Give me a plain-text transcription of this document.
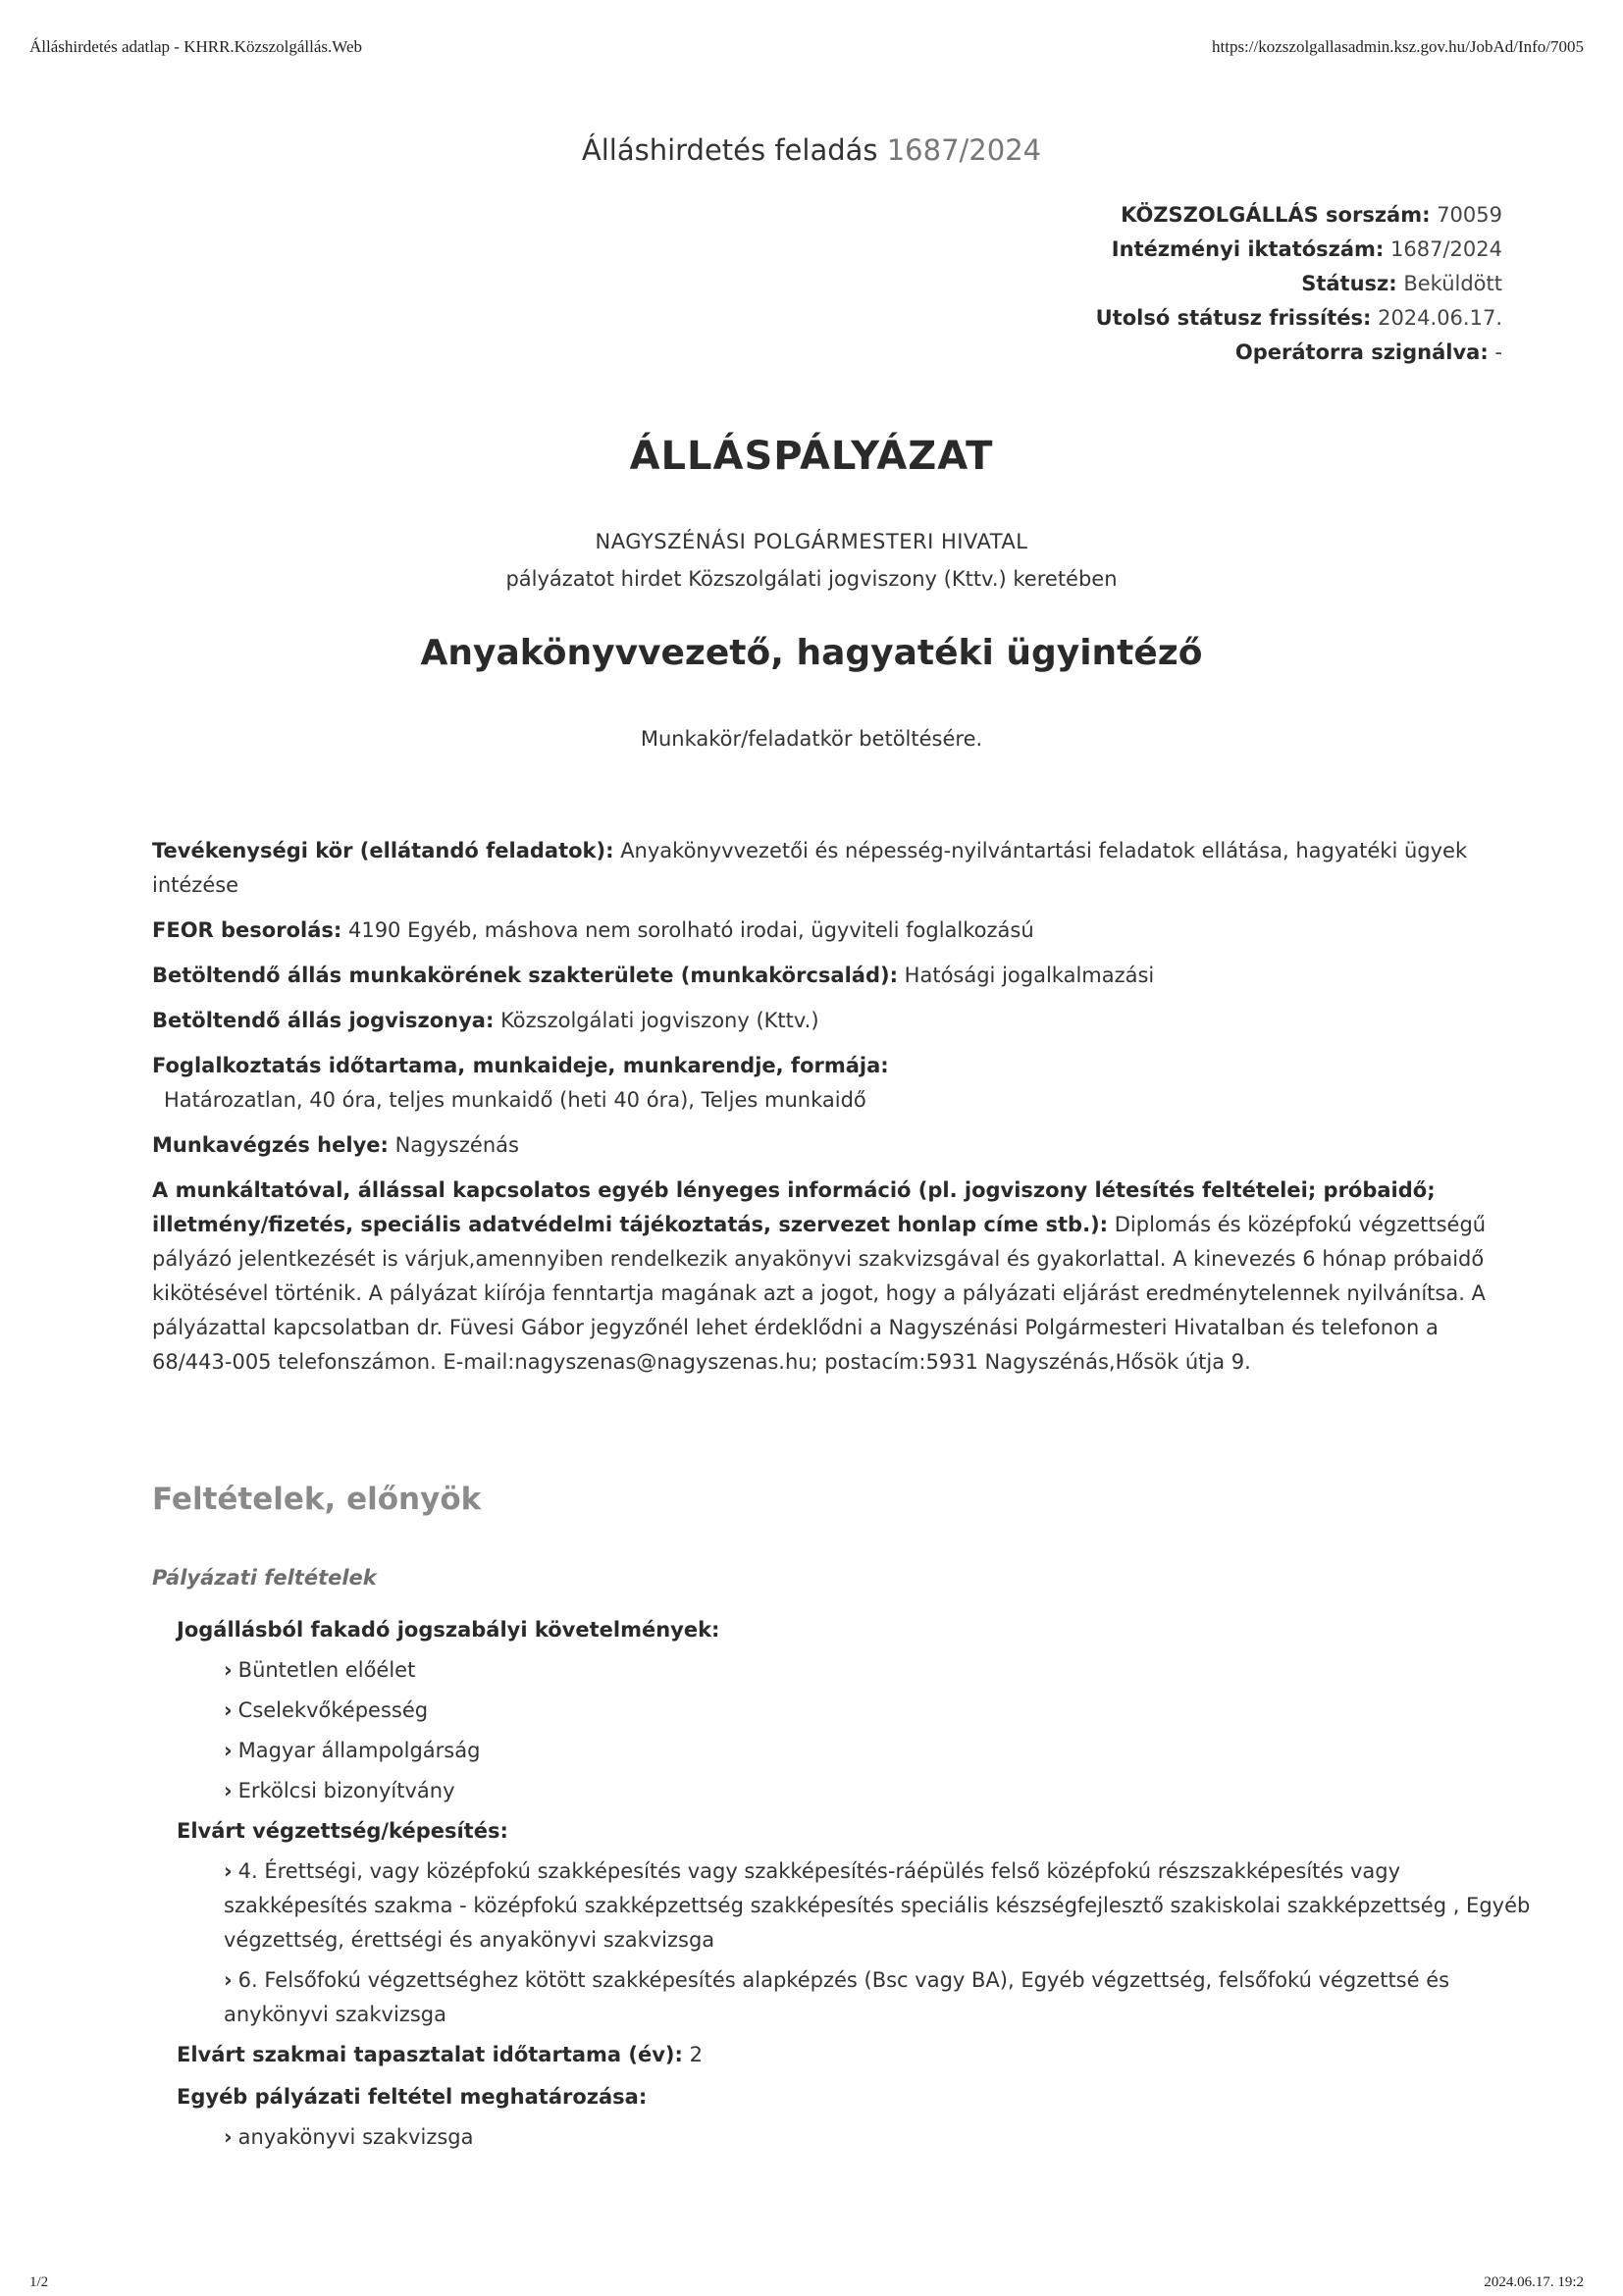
Álláshirdetés adatlap - KHRR.Közszolgállás.Web	https://kozszolgallasadmin.ksz.gov.hu/JobAd/Info/7005
Álláshirdetés feladás 1687/2024
KÖZSZOLGÁLLÁS sorszám: 70059
Intézményi iktatószám: 1687/2024
Státusz: Beküldött
Utolsó státusz frissítés: 2024.06.17.
Operátorra szignálva: -
ÁLLÁSPÁLYÁZAT
NAGYSZÉNÁSI POLGÁRMESTERI HIVATAL
pályázatot hirdet Közszolgálati jogviszony (Kttv.) keretében
Anyakönyvvezető, hagyatéki ügyintéző
Munkakör/feladatkör betöltésére.

Tevékenységi kör (ellátandó feladatok): Anyakönyvvezetői és népesség-nyilvántartási feladatok ellátása, hagyatéki ügyek intézése

FEOR besorolás: 4190 Egyéb, máshova nem sorolható irodai, ügyviteli foglalkozású

Betöltendő állás munkakörének szakterülete (munkakörcsalád): Hatósági jogalkalmazási

Betöltendő állás jogviszonya: Közszolgálati jogviszony (Kttv.)

Foglalkoztatás időtartama, munkaideje, munkarendje, formája:
Határozatlan, 40 óra, teljes munkaidő (heti 40 óra), Teljes munkaidő

Munkavégzés helye: Nagyszénás

A munkáltatóval, állással kapcsolatos egyéb lényeges információ (pl. jogviszony létesítés feltételei; próbaidő; illetmény/fizetés, speciális adatvédelmi tájékoztatás, szervezet honlap címe stb.): Diplomás és középfokú végzettségű pályázó jelentkezését is várjuk,amennyiben rendelkezik anyakönyvi szakvizsgával és gyakorlattal. A kinevezés 6 hónap próbaidő kikötésével történik. A pályázat kiírója fenntartja magának azt a jogot, hogy a pályázati eljárást eredménytelennek nyilvánítsa. A pályázattal kapcsolatban dr. Füvesi Gábor jegyzőnél lehet érdeklődni a Nagyszénási Polgármesteri Hivatalban és telefonon a 68/443-005 telefonszámon. E-mail:nagyszenas@nagyszenas.hu; postacím:5931 Nagyszénás,Hősök útja 9.

Feltételek, előnyök
Pályázati feltételek
Jogállásból fakadó jogszabályi követelmények:
› Büntetlen előélet
› Cselekvőképesség
› Magyar állampolgárság
› Erkölcsi bizonyítvány
Elvárt végzettség/képesítés:
› 4. Érettségi, vagy középfokú szakképesítés vagy szakképesítés-ráépülés felső középfokú részszakképesítés vagy szakképesítés szakma - középfokú szakképzettség szakképesítés speciális készségfejlesztő szakiskolai szakképzettség , Egyéb végzettség, érettségi és anyakönyvi szakvizsga
› 6. Felsőfokú végzettséghez kötött szakképesítés alapképzés (Bsc vagy BA), Egyéb végzettség, felsőfokú végzettsé és anykönyvi szakvizsga
Elvárt szakmai tapasztalat időtartama (év): 2
Egyéb pályázati feltétel meghatározása:
› anyakönyvi szakvizsga
1/2	2024.06.17. 19:2
